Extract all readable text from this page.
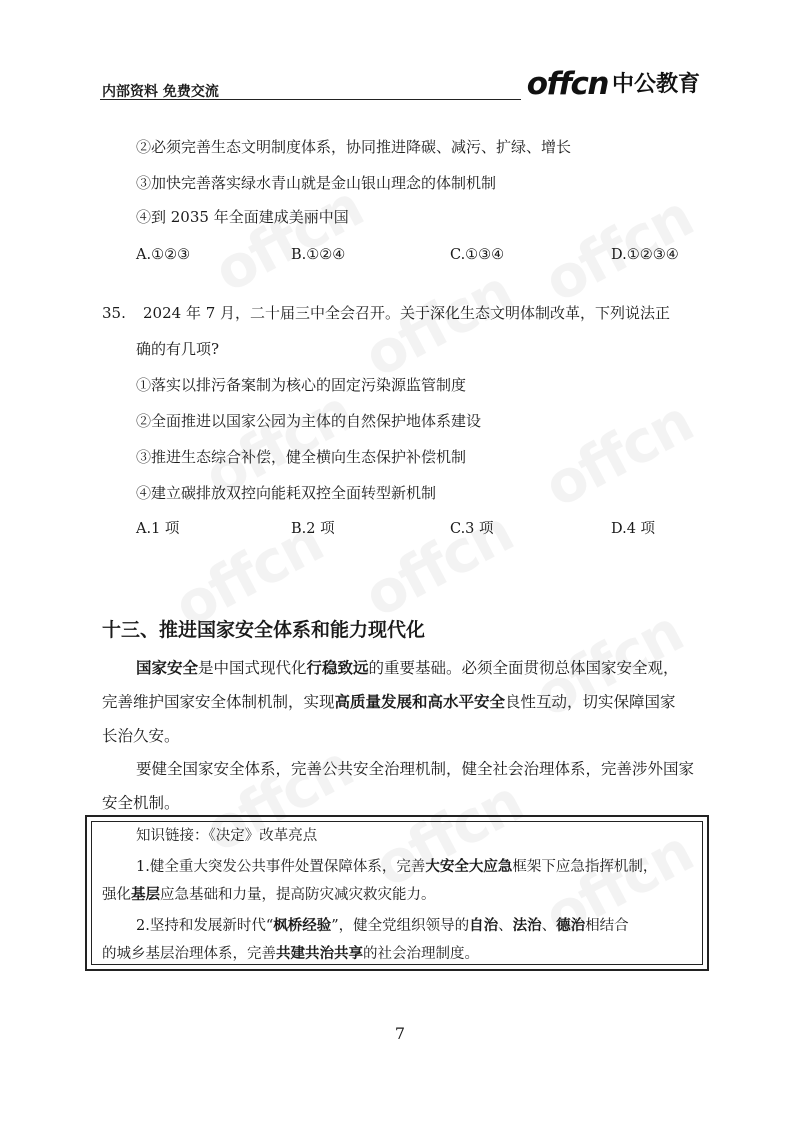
内部资料 免费交流	offcn 中公教育
②必须完善生态文明制度体系，协同推进降碳、减污、扩绿、增长
③加快完善落实绿水青山就是金山银山理念的体制机制
④到 2035 年全面建成美丽中国
A.①②③	B.①②④	C.①③④	D.①②③④
35. 2024 年 7 月，二十届三中全会召开。关于深化生态文明体制改革，下列说法正
确的有几项?
①落实以排污备案制为核心的固定污染源监管制度
②全面推进以国家公园为主体的自然保护地体系建设
③推进生态综合补偿，健全横向生态保护补偿机制
④建立碳排放双控向能耗双控全面转型新机制
A.1 项	B.2 项	C.3 项	D.4 项
十三、推进国家安全体系和能力现代化
国家安全是中国式现代化行稳致远的重要基础。必须全面贯彻总体国家安全观，
完善维护国家安全体制机制，实现高质量发展和高水平安全良性互动，切实保障国家
长治久安。
要健全国家安全体系，完善公共安全治理机制，健全社会治理体系，完善涉外国家
安全机制。
知识链接：《决定》改革亮点
1.健全重大突发公共事件处置保障体系，完善大安全大应急框架下应急指挥机制，
强化基层应急基础和力量，提高防灾减灾救灾能力。
2.坚持和发展新时代“枫桥经验”，健全党组织领导的自治、法治、德治相结合
的城乡基层治理体系，完善共建共治共享的社会治理制度。
7
